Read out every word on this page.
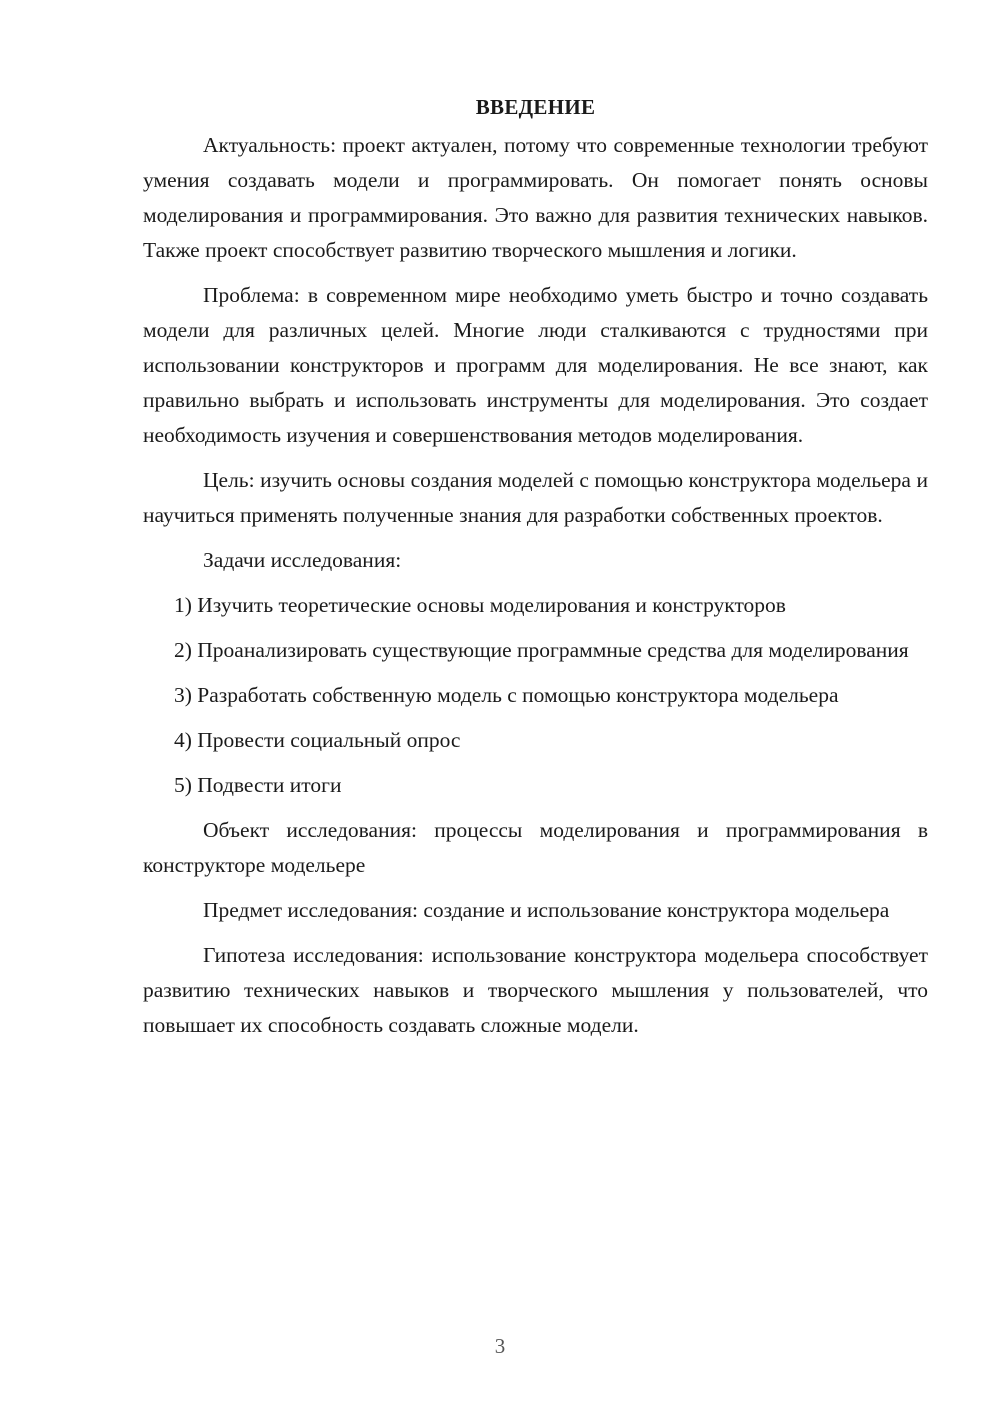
ВВЕДЕНИЕ

Актуальность: проект актуален, потому что современные технологии требуют умения создавать модели и программировать. Он помогает понять основы моделирования и программирования. Это важно для развития технических навыков. Также проект способствует развитию творческого мышления и логики.

Проблема: в современном мире необходимо уметь быстро и точно создавать модели для различных целей. Многие люди сталкиваются с трудностями при использовании конструкторов и программ для моделирования. Не все знают, как правильно выбрать и использовать инструменты для моделирования. Это создает необходимость изучения и совершенствования методов моделирования.

Цель: изучить основы создания моделей с помощью конструктора модельера и научиться применять полученные знания для разработки собственных проектов.

Задачи исследования:

1) Изучить теоретические основы моделирования и конструкторов

2) Проанализировать существующие программные средства для моделирования

3) Разработать собственную модель с помощью конструктора модельера

4) Провести социальный опрос

5) Подвести итоги

Объект исследования: процессы моделирования и программирования в конструкторе модельере

Предмет исследования: создание и использование конструктора модельера

Гипотеза исследования: использование конструктора модельера способствует развитию технических навыков и творческого мышления у пользователей, что повышает их способность создавать сложные модели.

3
